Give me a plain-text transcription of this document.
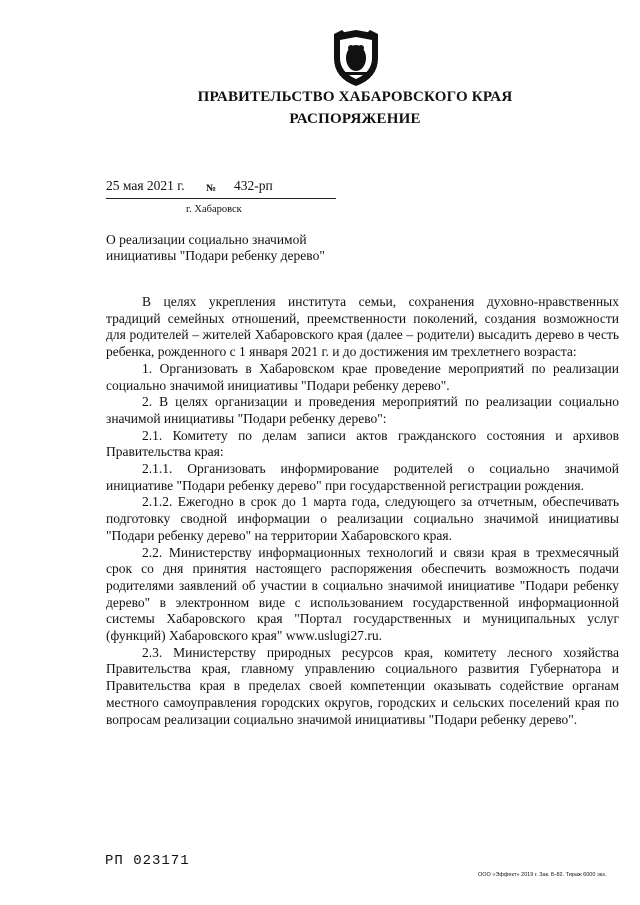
ПРАВИТЕЛЬСТВО ХАБАРОВСКОГО КРАЯ
РАСПОРЯЖЕНИЕ
25 мая 2021 г. № 432-рп
г. Хабаровск
О реализации социально значимой
инициативы "Подари ребенку дерево"

В целях укрепления института семьи, сохранения духовно-нравственных традиций семейных отношений, преемственности поколений, создания возможности для родителей – жителей Хабаровского края (далее – родители) высадить дерево в честь ребенка, рожденного с 1 января 2021 г. и до достижения им трехлетнего возраста:

1. Организовать в Хабаровском крае проведение мероприятий по реализации социально значимой инициативы "Подари ребенку дерево".

2. В целях организации и проведения мероприятий по реализации социально значимой инициативы "Подари ребенку дерево":

2.1. Комитету по делам записи актов гражданского состояния и архивов Правительства края:

2.1.1. Организовать информирование родителей о социально значимой инициативе "Подари ребенку дерево" при государственной регистрации рождения.

2.1.2. Ежегодно в срок до 1 марта года, следующего за отчетным, обеспечивать подготовку сводной информации о реализации социально значимой инициативы "Подари ребенку дерево" на территории Хабаровского края.

2.2. Министерству информационных технологий и связи края в трехмесячный срок со дня принятия настоящего распоряжения обеспечить возможность подачи родителями заявлений об участии в социально значимой инициативе "Подари ребенку дерево" в электронном виде с использованием государственной информационной системы Хабаровского края "Портал государственных и муниципальных услуг (функций) Хабаровского края" www.uslugi27.ru.

2.3. Министерству природных ресурсов края, комитету лесного хозяйства Правительства края, главному управлению социального развития Губернатора и Правительства края в пределах своей компетенции оказывать содействие органам местного самоуправления городских округов, городских и сельских поселений края по вопросам реализации социально значимой инициативы "Подари ребенку дерево".

РП 023171
ООО «Эффект» 2019 г. Зак. Б-82. Тираж 6000 экз.
